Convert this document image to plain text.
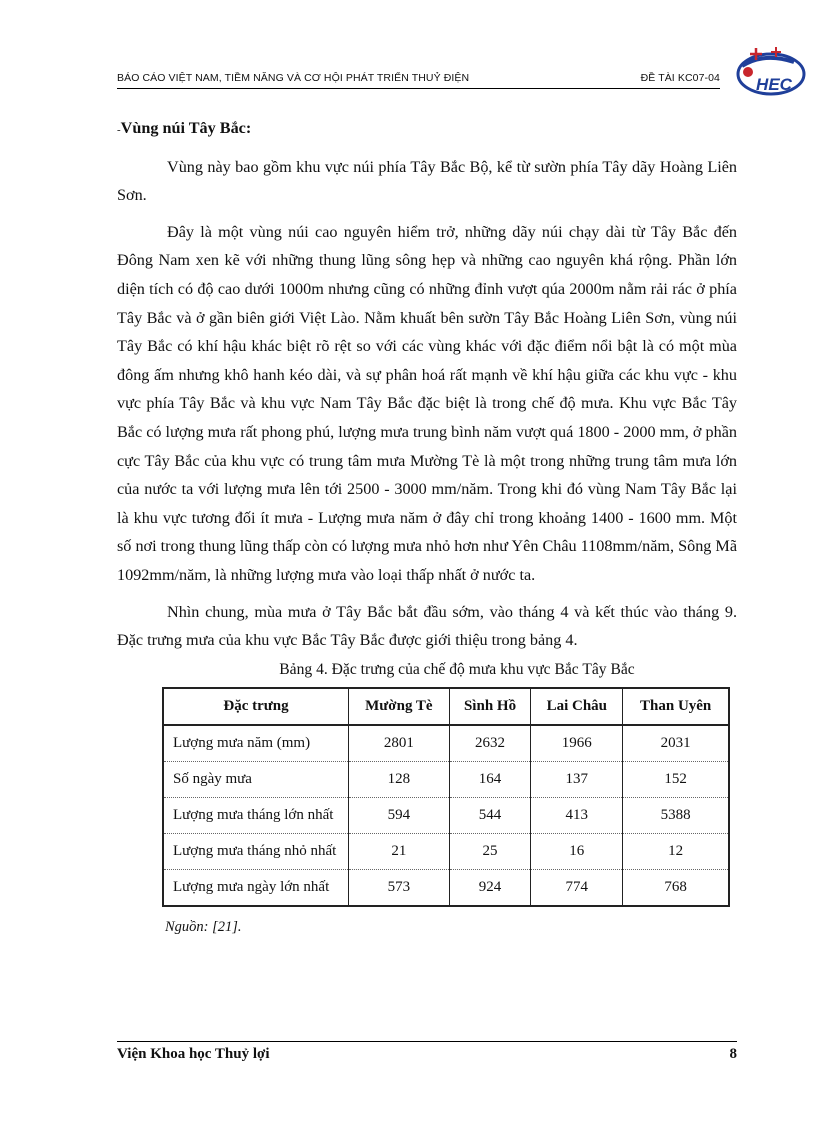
BÁO CÁO VIỆT NAM, TIỀM NĂNG VÀ CƠ HỘI PHÁT TRIỂN THUỶ ĐIỆN	ĐỀ TÀI KC07-04 HEC
-Vùng núi Tây Bắc:

Vùng này bao gồm khu vực núi phía Tây Bắc Bộ, kể từ sườn phía Tây dãy Hoàng Liên Sơn.

Đây là một vùng núi cao nguyên hiểm trở, những dãy núi chạy dài từ Tây Bắc đến Đông Nam xen kẽ với những thung lũng sông hẹp và những cao nguyên khá rộng. Phần lớn diện tích có độ cao dưới 1000m nhưng cũng có những đỉnh vượt qúa 2000m nằm rải rác ở phía Tây Bắc và ở gần biên giới Việt Lào. Nằm khuất bên sườn Tây Bắc Hoàng Liên Sơn, vùng núi Tây Bắc có khí hậu khác biệt rõ rệt so với các vùng khác với đặc điểm nổi bật là có một mùa đông ấm nhưng khô hanh kéo dài, và sự phân hoá rất mạnh về khí hậu giữa các khu vực - khu vực phía Tây Bắc và khu vực Nam Tây Bắc đặc biệt là trong chế độ mưa. Khu vực Bắc Tây Bắc có lượng mưa rất phong phú, lượng mưa trung bình năm vượt quá 1800 - 2000 mm, ở phần cực Tây Bắc của khu vực có trung tâm mưa Mường Tè là một trong những trung tâm mưa lớn của nước ta với lượng mưa lên tới 2500 - 3000 mm/năm. Trong khi đó vùng Nam Tây Bắc lại là khu vực tương đối ít mưa - Lượng mưa năm ở đây chỉ trong khoảng 1400 - 1600 mm. Một số nơi trong thung lũng thấp còn có lượng mưa nhỏ hơn như Yên Châu 1108mm/năm, Sông Mã 1092mm/năm, là những lượng mưa vào loại thấp nhất ở nước ta.

Nhìn chung, mùa mưa ở Tây Bắc bắt đầu sớm, vào tháng 4 và kết thúc vào tháng 9. Đặc trưng mưa của khu vực Bắc Tây Bắc được giới thiệu trong bảng 4.

Bảng 4. Đặc trưng của chế độ mưa khu vực Bắc Tây Bắc
Đặc trưng	Mường Tè	Sình Hồ	Lai Châu	Than Uyên
Lượng mưa năm (mm)	2801	2632	1966	2031
Số ngày mưa	128	164	137	152
Lượng mưa tháng lớn nhất	594	544	413	5388
Lượng mưa tháng nhỏ nhất	21	25	16	12
Lượng mưa ngày lớn nhất	573	924	774	768
Nguồn: [21].
Viện Khoa học Thuỷ lợi	8
